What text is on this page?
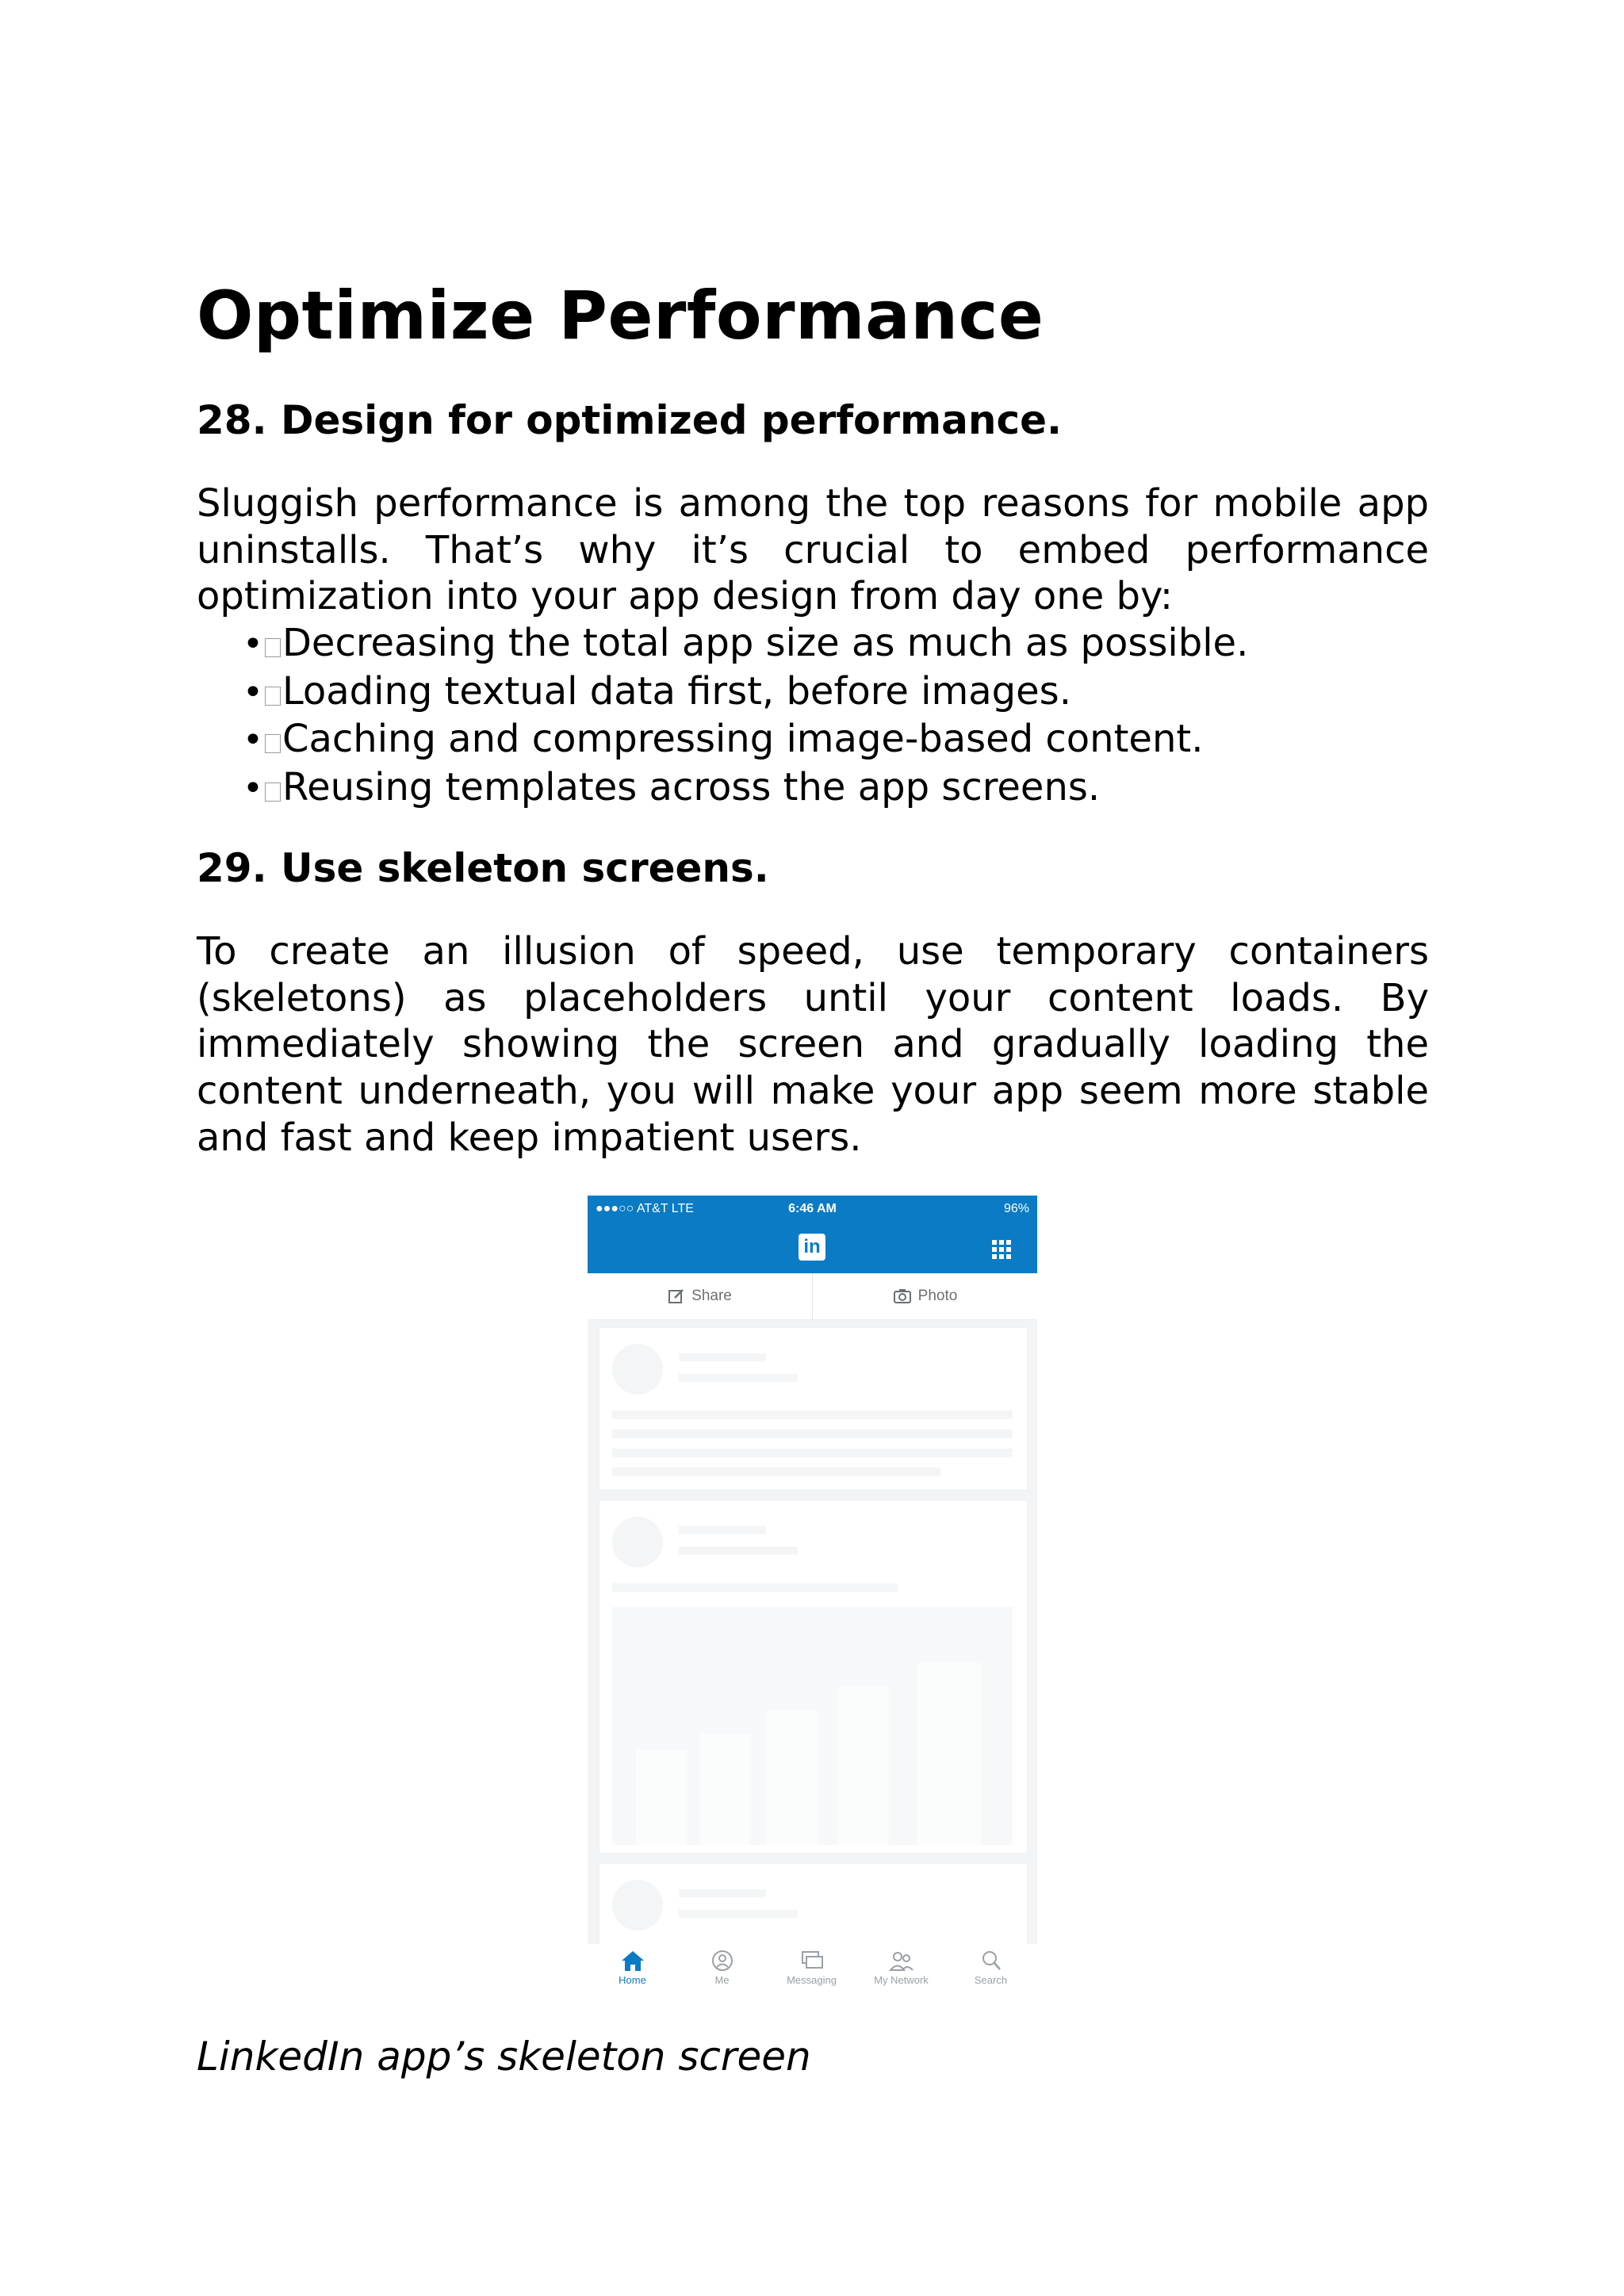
Optimize Performance
28. Design for optimized performance.

Sluggish performance is among the top reasons for mobile app uninstalls. That’s why it’s crucial to embed performance optimization into your app design from day one by:

• Decreasing the total app size as much as possible.
• Loading textual data first, before images.
• Caching and compressing image-based content.
• Reusing templates across the app screens.
29. Use skeleton screens.

To create an illusion of speed, use temporary containers (skeletons) as placeholders until your content loads. By immediately showing the screen and gradually loading the content underneath, you will make your app seem more stable and fast and keep impatient users.

●●●○○ AT&T LTE	6:46 AM	96%
in
Share	Photo
Home	Me	Messaging	My Network	Search

LinkedIn app’s skeleton screen
